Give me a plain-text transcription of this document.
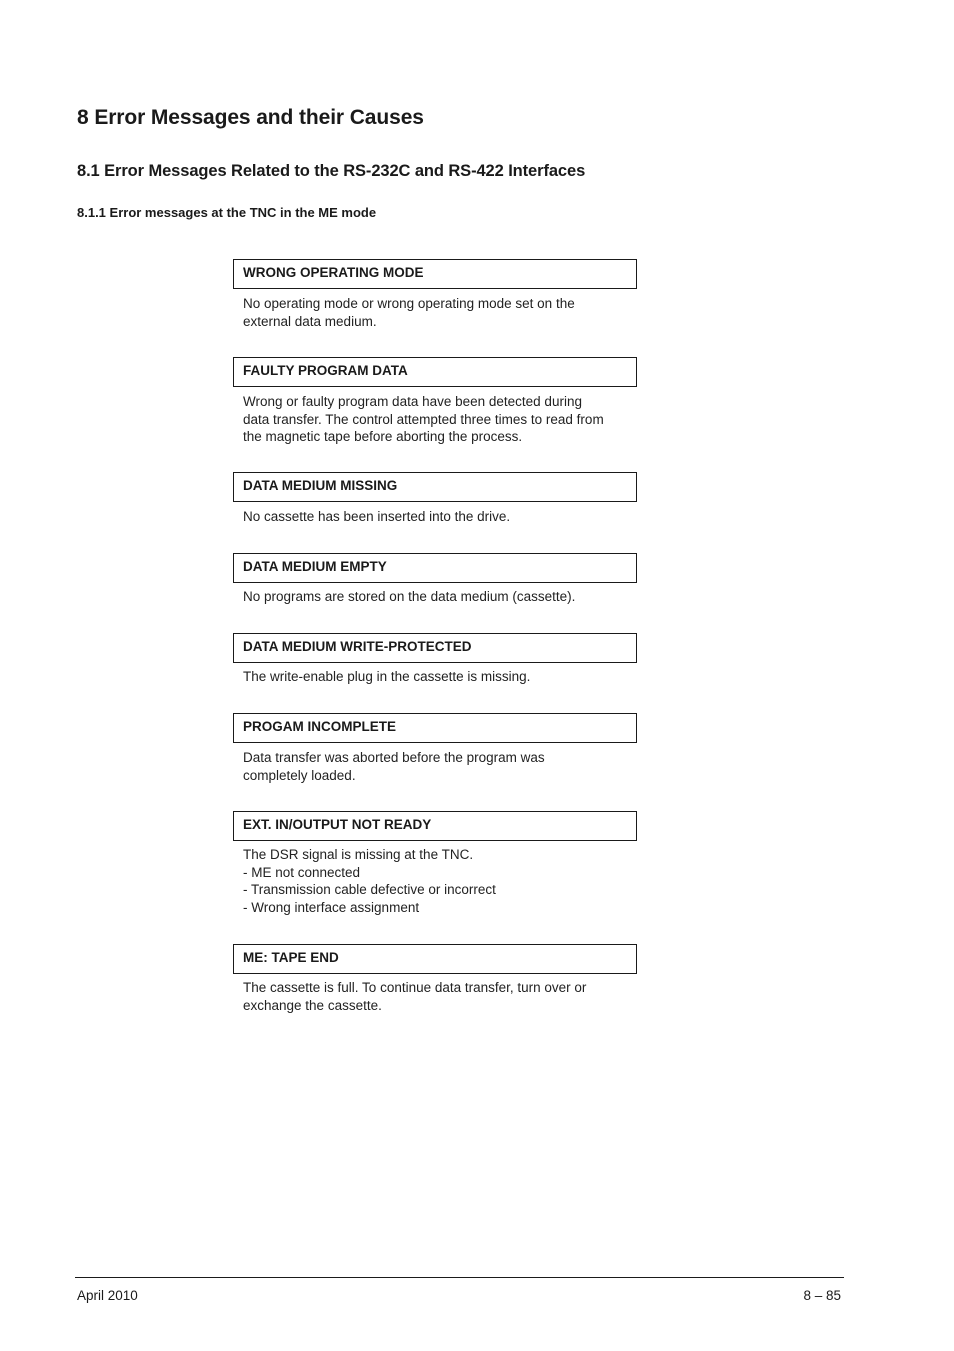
8 Error Messages and their Causes
8.1 Error Messages Related to the RS-232C and RS-422 Interfaces
8.1.1 Error messages at the TNC in the ME mode
WRONG OPERATING MODE
No operating mode or wrong operating mode set on the
external data medium.
FAULTY PROGRAM DATA
Wrong or faulty program data have been detected during
data transfer. The control attempted three times to read from
the magnetic tape before aborting the process.
DATA MEDIUM MISSING
No cassette has been inserted into the drive.
DATA MEDIUM EMPTY
No programs are stored on the data medium (cassette).
DATA MEDIUM WRITE-PROTECTED
The write-enable plug in the cassette is missing.
PROGAM INCOMPLETE
Data transfer was aborted before the program was
completely loaded.
EXT. IN/OUTPUT NOT READY
The DSR signal is missing at the TNC.
- ME not connected
- Transmission cable defective or incorrect
- Wrong interface assignment
ME: TAPE END
The cassette is full. To continue data transfer, turn over or
exchange the cassette.
April 2010	8 – 85
